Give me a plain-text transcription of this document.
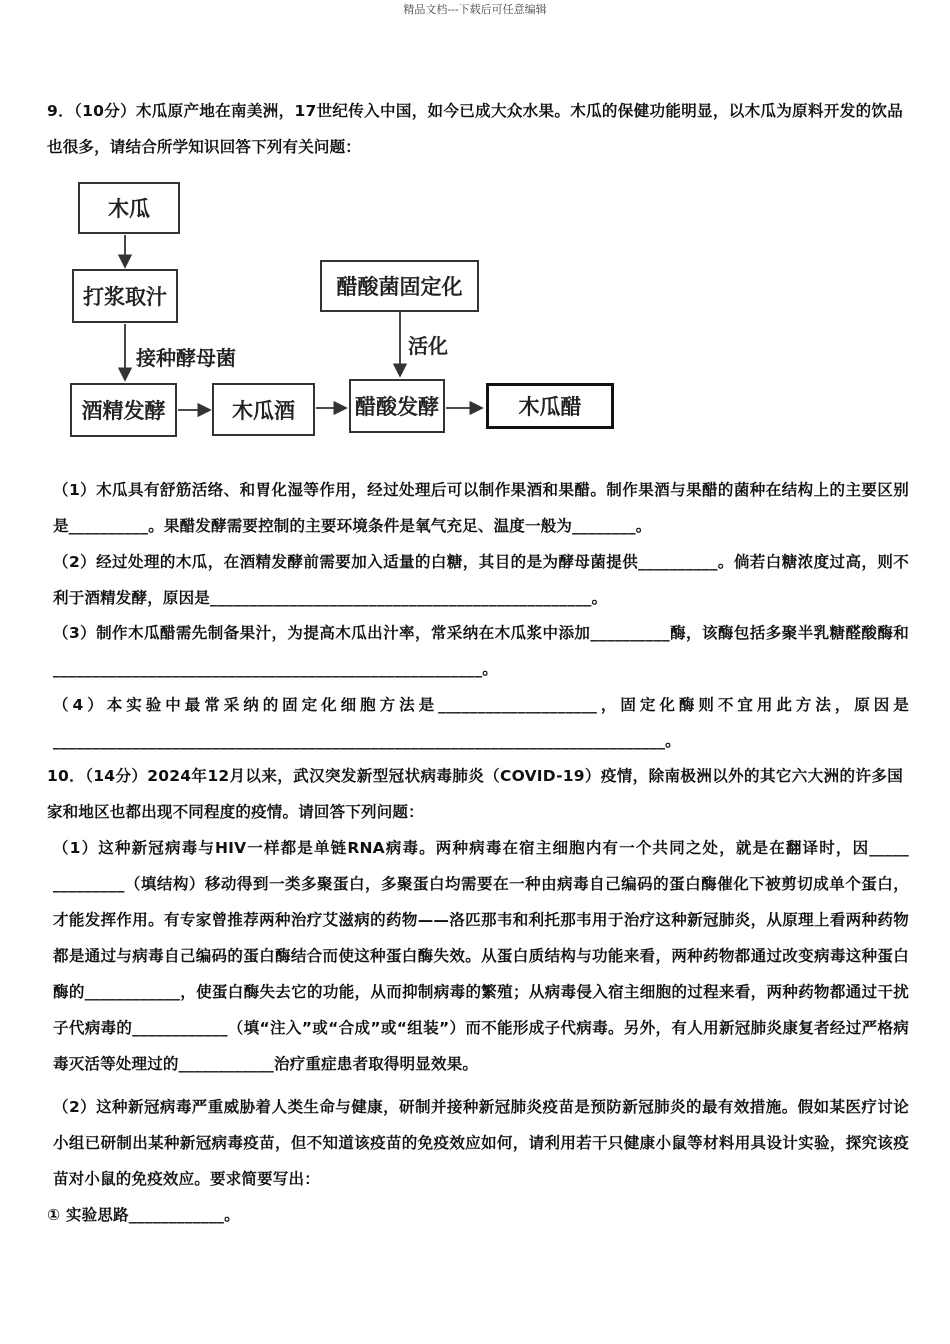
精品文档---下载后可任意编辑

9．（10分）木瓜原产地在南美洲，17世纪传入中国，如今已成大众水果。木瓜的保健功能明显，以木瓜为原料开发的饮品也很多，请结合所学知识回答下列有关问题：

木瓜
打浆取汁
接种酵母菌
酒精发酵	木瓜酒
醋酸菌固定化
活化
醋酸发酵	木瓜醋

（1）木瓜具有舒筋活络、和胃化湿等作用，经过处理后可以制作果酒和果醋。制作果酒与果醋的菌种在结构上的主要区别是__________。果醋发酵需要控制的主要环境条件是氧气充足、温度一般为________。

（2）经过处理的木瓜，在酒精发酵前需要加入适量的白糖，其目的是为酵母菌提供__________。倘若白糖浓度过高，则不利于酒精发酵，原因是________________________________________________。

（3）制作木瓜醋需先制备果汁，为提高木瓜出汁率，常采纳在木瓜浆中添加__________酶，该酶包括多聚半乳糖醛酸酶和______________________________________________________。

（4）本实验中最常采纳的固定化细胞方法是____________________，固定化酶则不宜用此方法，原因是_____________________________________________________________________________。

10．（14分）2024年12月以来，武汉突发新型冠状病毒肺炎（COVID-19）疫情，除南极洲以外的其它六大洲的许多国家和地区也都出现不同程度的疫情。请回答下列问题：

（1）这种新冠病毒与HIV一样都是单链RNA病毒。两种病毒在宿主细胞内有一个共同之处，就是在翻译时，因_____ _________（填结构）移动得到一类多聚蛋白，多聚蛋白均需要在一种由病毒自己编码的蛋白酶催化下被剪切成单个蛋白，才能发挥作用。有专家曾推荐两种治疗艾滋病的药物——洛匹那韦和利托那韦用于治疗这种新冠肺炎，从原理上看两种药物都是通过与病毒自己编码的蛋白酶结合而使这种蛋白酶失效。从蛋白质结构与功能来看，两种药物都通过改变病毒这种蛋白酶的____________，使蛋白酶失去它的功能，从而抑制病毒的繁殖；从病毒侵入宿主细胞的过程来看，两种药物都通过干扰子代病毒的____________（填“注入”或“合成”或“组装”）而不能形成子代病毒。另外，有人用新冠肺炎康复者经过严格病毒灭活等处理过的____________治疗重症患者取得明显效果。

（2）这种新冠病毒严重威胁着人类生命与健康，研制并接种新冠肺炎疫苗是预防新冠肺炎的最有效措施。假如某医疗讨论小组已研制出某种新冠病毒疫苗，但不知道该疫苗的免疫效应如何，请利用若干只健康小鼠等材料用具设计实验，探究该疫苗对小鼠的免疫效应。要求简要写出：

① 实验思路____________。
